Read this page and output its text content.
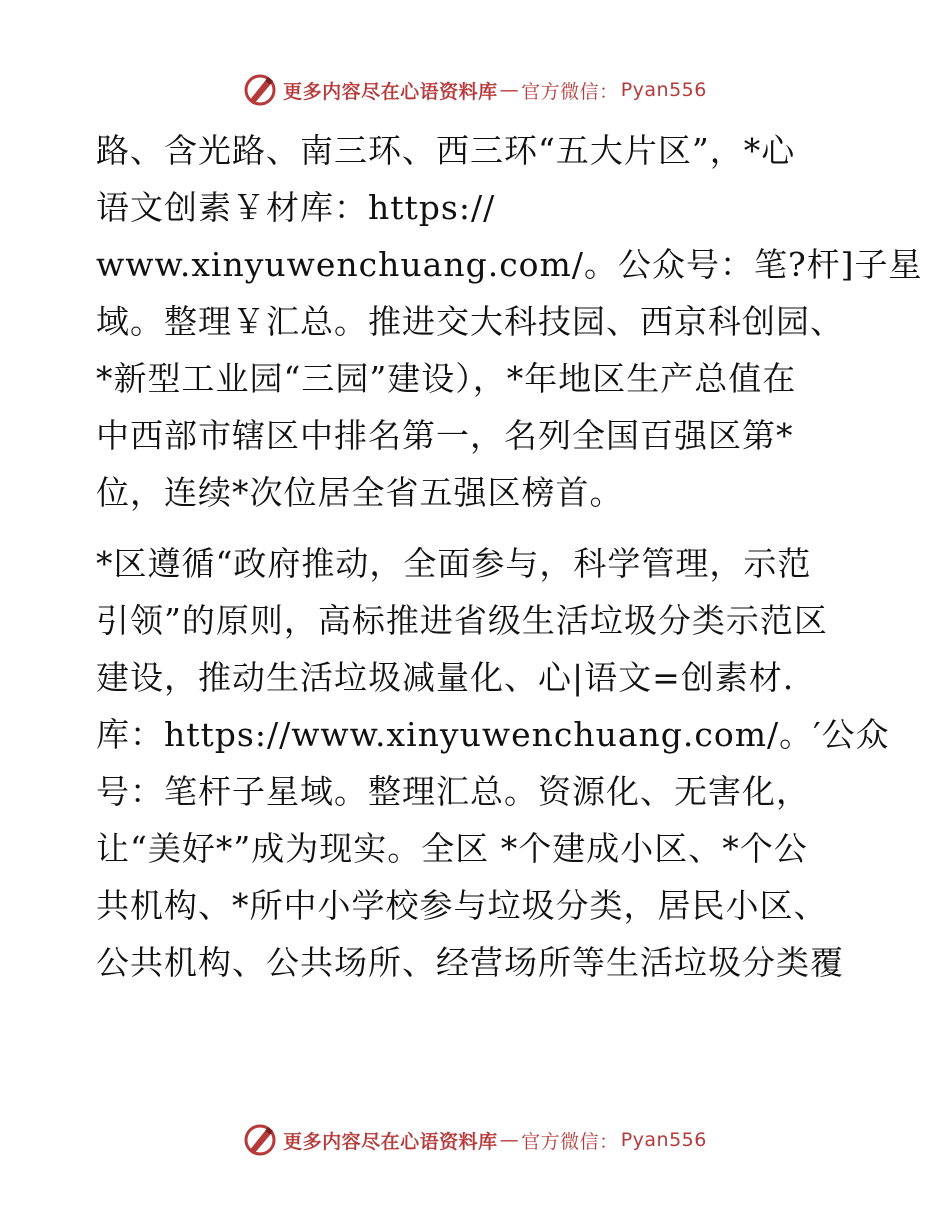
更多内容尽在心语资料库 — 官方微信： Pyan556
路、含光路、南三环、西三环“五大片区”，*心
语文创素￥材库：https://
www.xinyuwenchuang.com/。公众号：笔?杆]子星
域。整理￥汇总。推进交大科技园、西京科创园、
*新型工业园“三园”建设），*年地区生产总值在
中西部市辖区中排名第一，名列全国百强区第*
位，连续*次位居全省五强区榜首。
*区遵循“政府推动，全面参与，科学管理，示范
引领”的原则，高标推进省级生活垃圾分类示范区
建设，推动生活垃圾减量化、心|语文=创素材.
库：https://www.xinyuwenchuang.com/。′公众
号：笔杆子星域。整理汇总。资源化、无害化，
让“美好*”成为现实。全区 *个建成小区、*个公
共机构、*所中小学校参与垃圾分类，居民小区、
公共机构、公共场所、经营场所等生活垃圾分类覆
更多内容尽在心语资料库 — 官方微信： Pyan556
